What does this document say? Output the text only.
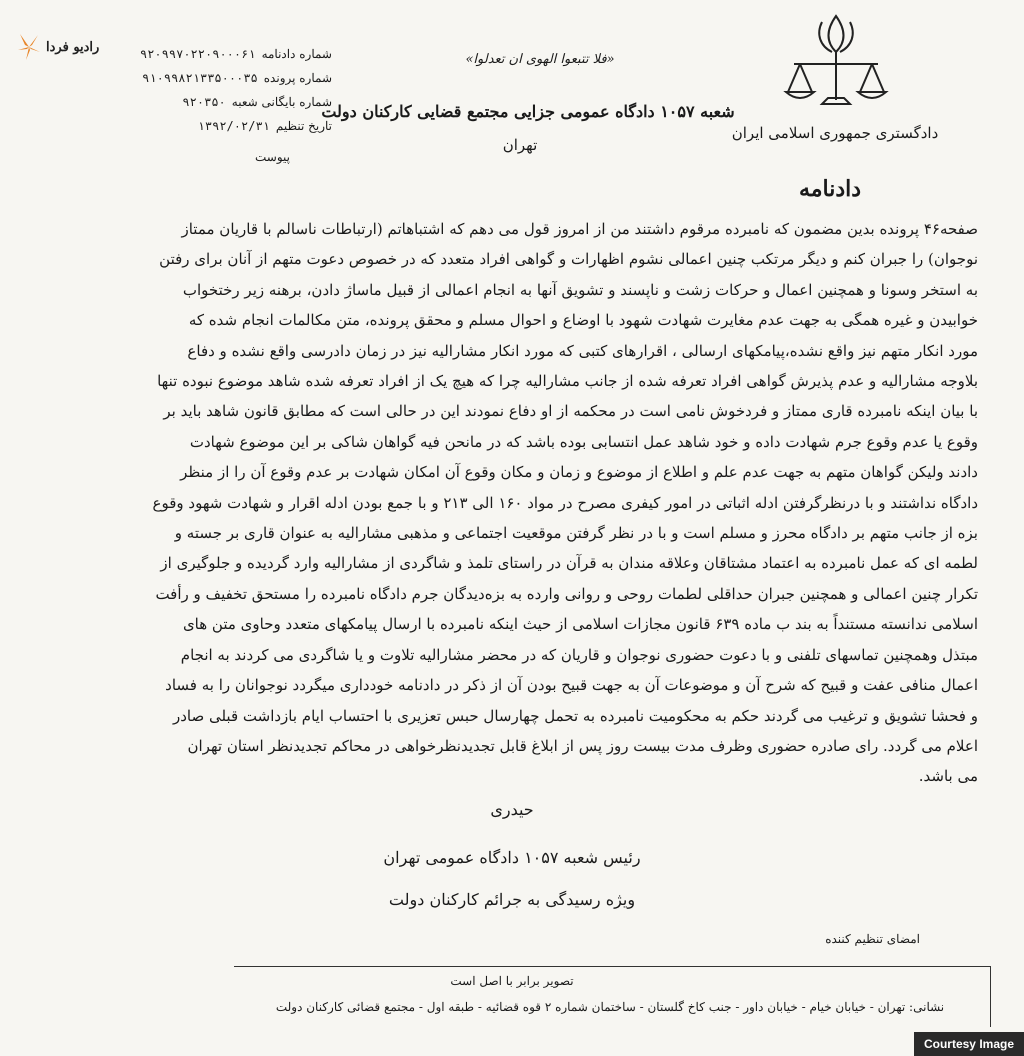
دادگستری جمهوری اسلامی ایران
«فلا تتبعوا الهوی ان تعدلوا»
شعبه ۱۰۵۷ دادگاه عمومی جزایی مجتمع قضایی کارکنان دولت
تهران
رادیو فردا	۹۲۰۹۹۷۰۲۲۰۹۰۰۰۶۱ شماره دادنامه
۹۱۰۹۹۸۲۱۳۳۵۰۰۰۳۵ شماره پرونده
۹۲۰۳۵۰ شماره بایگانی شعبه
۱۳۹۲/۰۲/۳۱ تاریخ تنظیم
پیوست
دادنامه
صفحه۴۶ پرونده بدین مضمون که نامبرده مرقوم داشتند من از امروز قول می دهم که اشتباهاتم (ارتباطات ناسالم با قاریان ممتاز
نوجوان) را جبران کنم و دیگر مرتکب چنین اعمالی نشوم اظهارات و گواهی افراد متعدد که در خصوص دعوت متهم از آنان برای رفتن
به استخر وسونا و همچنین اعمال و حرکات زشت و ناپسند و تشویق آنها به انجام اعمالی از قبیل ماساژ دادن، برهنه زیر رختخواب
خوابیدن و غیره همگی به جهت عدم مغایرت شهادت شهود با اوضاع و احوال مسلم و محقق پرونده، متن مکالمات انجام شده که
مورد انکار متهم نیز واقع نشده،پیامکهای ارسالی ، اقرارهای کتبی که مورد انکار مشارالیه نیز در زمان دادرسی واقع نشده و دفاع
بلاوجه مشارالیه و عدم پذیرش گواهی افراد تعرفه شده از جانب مشارالیه چرا که هیچ یک از افراد تعرفه شده شاهد موضوع نبوده تنها
با بیان اینکه نامبرده قاری ممتاز و فردخوش نامی است در محکمه از او دفاع نمودند این در حالی است که مطابق قانون شاهد باید بر
وقوع یا عدم وقوع جرم شهادت داده و خود شاهد عمل انتسابی بوده باشد که در مانحن فیه گواهان شاکی بر این موضوع شهادت
دادند ولیکن گواهان متهم به جهت عدم علم و اطلاع از موضوع و زمان و مکان وقوع آن امکان شهادت بر عدم وقوع آن را از منظر
دادگاه نداشتند و با درنظرگرفتن ادله اثباتی در امور کیفری مصرح در مواد ۱۶۰ الی ۲۱۳ و با جمع بودن ادله اقرار و شهادت شهود وقوع
بزه از جانب متهم بر دادگاه محرز و مسلم است و با در نظر گرفتن موقعیت اجتماعی و مذهبی مشارالیه به عنوان قاری بر جسته و
لطمه ای که عمل نامبرده به اعتماد مشتاقان وعلاقه مندان به قرآن در راستای تلمذ و شاگردی از مشارالیه وارد گردیده و جلوگیری از
تکرار چنین اعمالی و همچنین جبران حداقلی لطمات روحی و روانی وارده به بزه‌دیدگان جرم دادگاه نامبرده را مستحق تخفیف و رأفت
اسلامی ندانسته مستنداً به بند ب ماده ۶۳۹ قانون مجازات اسلامی از حیث اینکه نامبرده با ارسال پیامکهای متعدد وحاوی متن های
مبتذل وهمچنین تماسهای تلفنی و با دعوت حضوری نوجوان و قاریان که در محضر مشارالیه تلاوت و یا شاگردی می کردند به انجام
اعمال منافی عفت و قبیح که شرح آن و موضوعات آن به جهت قبیح بودن آن از ذکر در دادنامه خودداری میگردد نوجوانان را به فساد
و فحشا تشویق و ترغیب می گردند حکم به محکومیت نامبرده به تحمل چهارسال حبس تعزیری با احتساب ایام بازداشت قبلی صادر
اعلام می گردد. رای صادره حضوری وظرف مدت بیست روز پس از ابلاغ قابل تجدیدنظرخواهی در محاکم تجدیدنظر استان تهران
می باشد.
حیدری
رئیس شعبه ۱۰۵۷ دادگاه عمومی تهران
ویژه رسیدگی به جرائم کارکنان دولت
امضای تنظیم کننده
تصویر برابر با اصل است
نشانی: تهران - خیابان خیام - خیابان داور - جنب کاخ گلستان - ساختمان شماره ۲ قوه قضائیه - طبقه اول - مجتمع قضائی کارکنان دولت
Courtesy Image
